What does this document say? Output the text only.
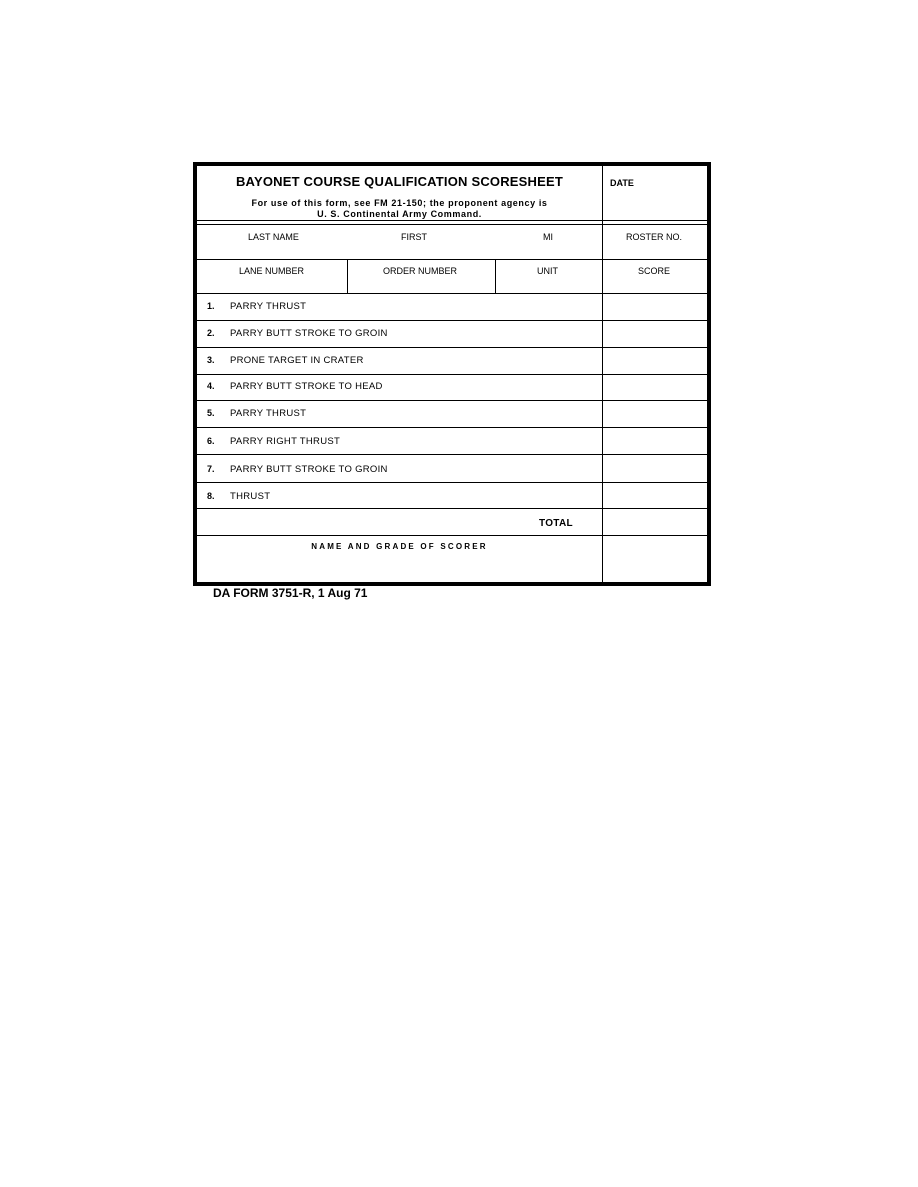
BAYONET COURSE QUALIFICATION SCORESHEET
For use of this form, see FM 21-150; the proponent agency is
U. S. Continental Army Command.
DATE
LAST NAME	FIRST	MI	ROSTER NO.
LANE NUMBER	ORDER NUMBER	UNIT	SCORE
1. PARRY THRUST
2. PARRY BUTT STROKE TO GROIN
3. PRONE TARGET IN CRATER
4. PARRY BUTT STROKE TO HEAD
5. PARRY THRUST
6. PARRY RIGHT THRUST
7. PARRY BUTT STROKE TO GROIN
8. THRUST
TOTAL
NAME AND GRADE OF SCORER
DA FORM 3751-R, 1 Aug 71
